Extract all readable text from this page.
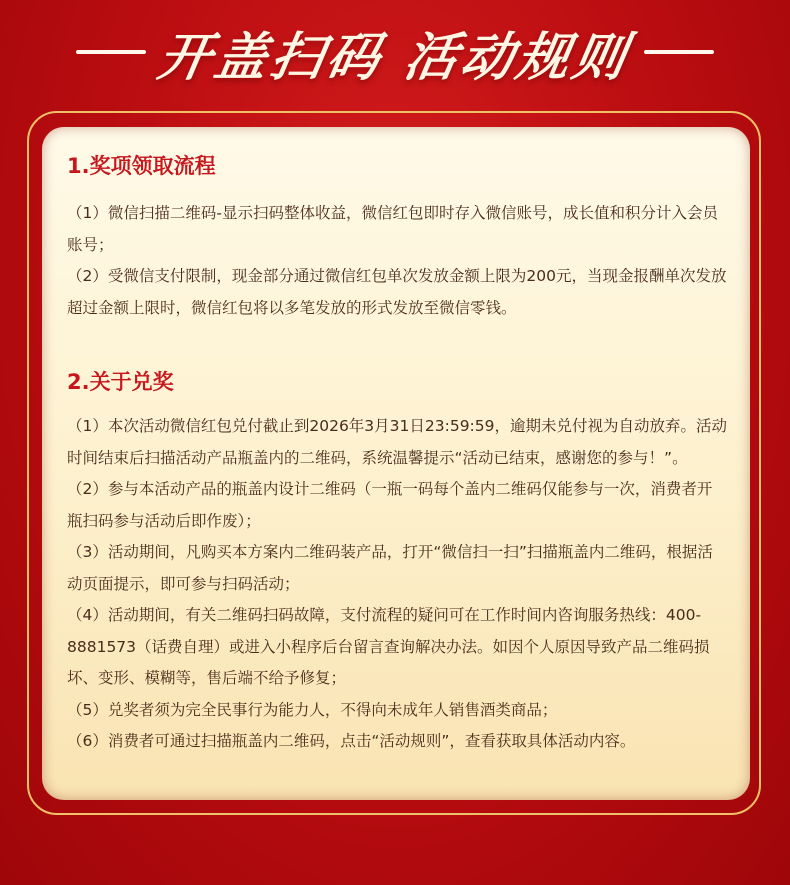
开盖扫码 活动规则
1.奖项领取流程

（1）微信扫描二维码-显示扫码整体收益，微信红包即时存入微信账号，成长值和积分计入会员账号；

（2）受微信支付限制，现金部分通过微信红包单次发放金额上限为200元，当现金报酬单次发放超过金额上限时，微信红包将以多笔发放的形式发放至微信零钱。

2.关于兑奖

（1）本次活动微信红包兑付截止到2026年3月31日23:59:59，逾期未兑付视为自动放弃。活动时间结束后扫描活动产品瓶盖内的二维码，系统温馨提示“活动已结束，感谢您的参与！”。

（2）参与本活动产品的瓶盖内设计二维码（一瓶一码每个盖内二维码仅能参与一次，消费者开瓶扫码参与活动后即作废）；

（3）活动期间，凡购买本方案内二维码装产品，打开“微信扫一扫”扫描瓶盖内二维码，根据活动页面提示，即可参与扫码活动；

（4）活动期间，有关二维码扫码故障，支付流程的疑问可在工作时间内咨询服务热线：400-8881573（话费自理）或进入小程序后台留言查询解决办法。如因个人原因导致产品二维码损坏、变形、模糊等，售后端不给予修复；

（5）兑奖者须为完全民事行为能力人，不得向未成年人销售酒类商品；

（6）消费者可通过扫描瓶盖内二维码，点击“活动规则”，查看获取具体活动内容。
